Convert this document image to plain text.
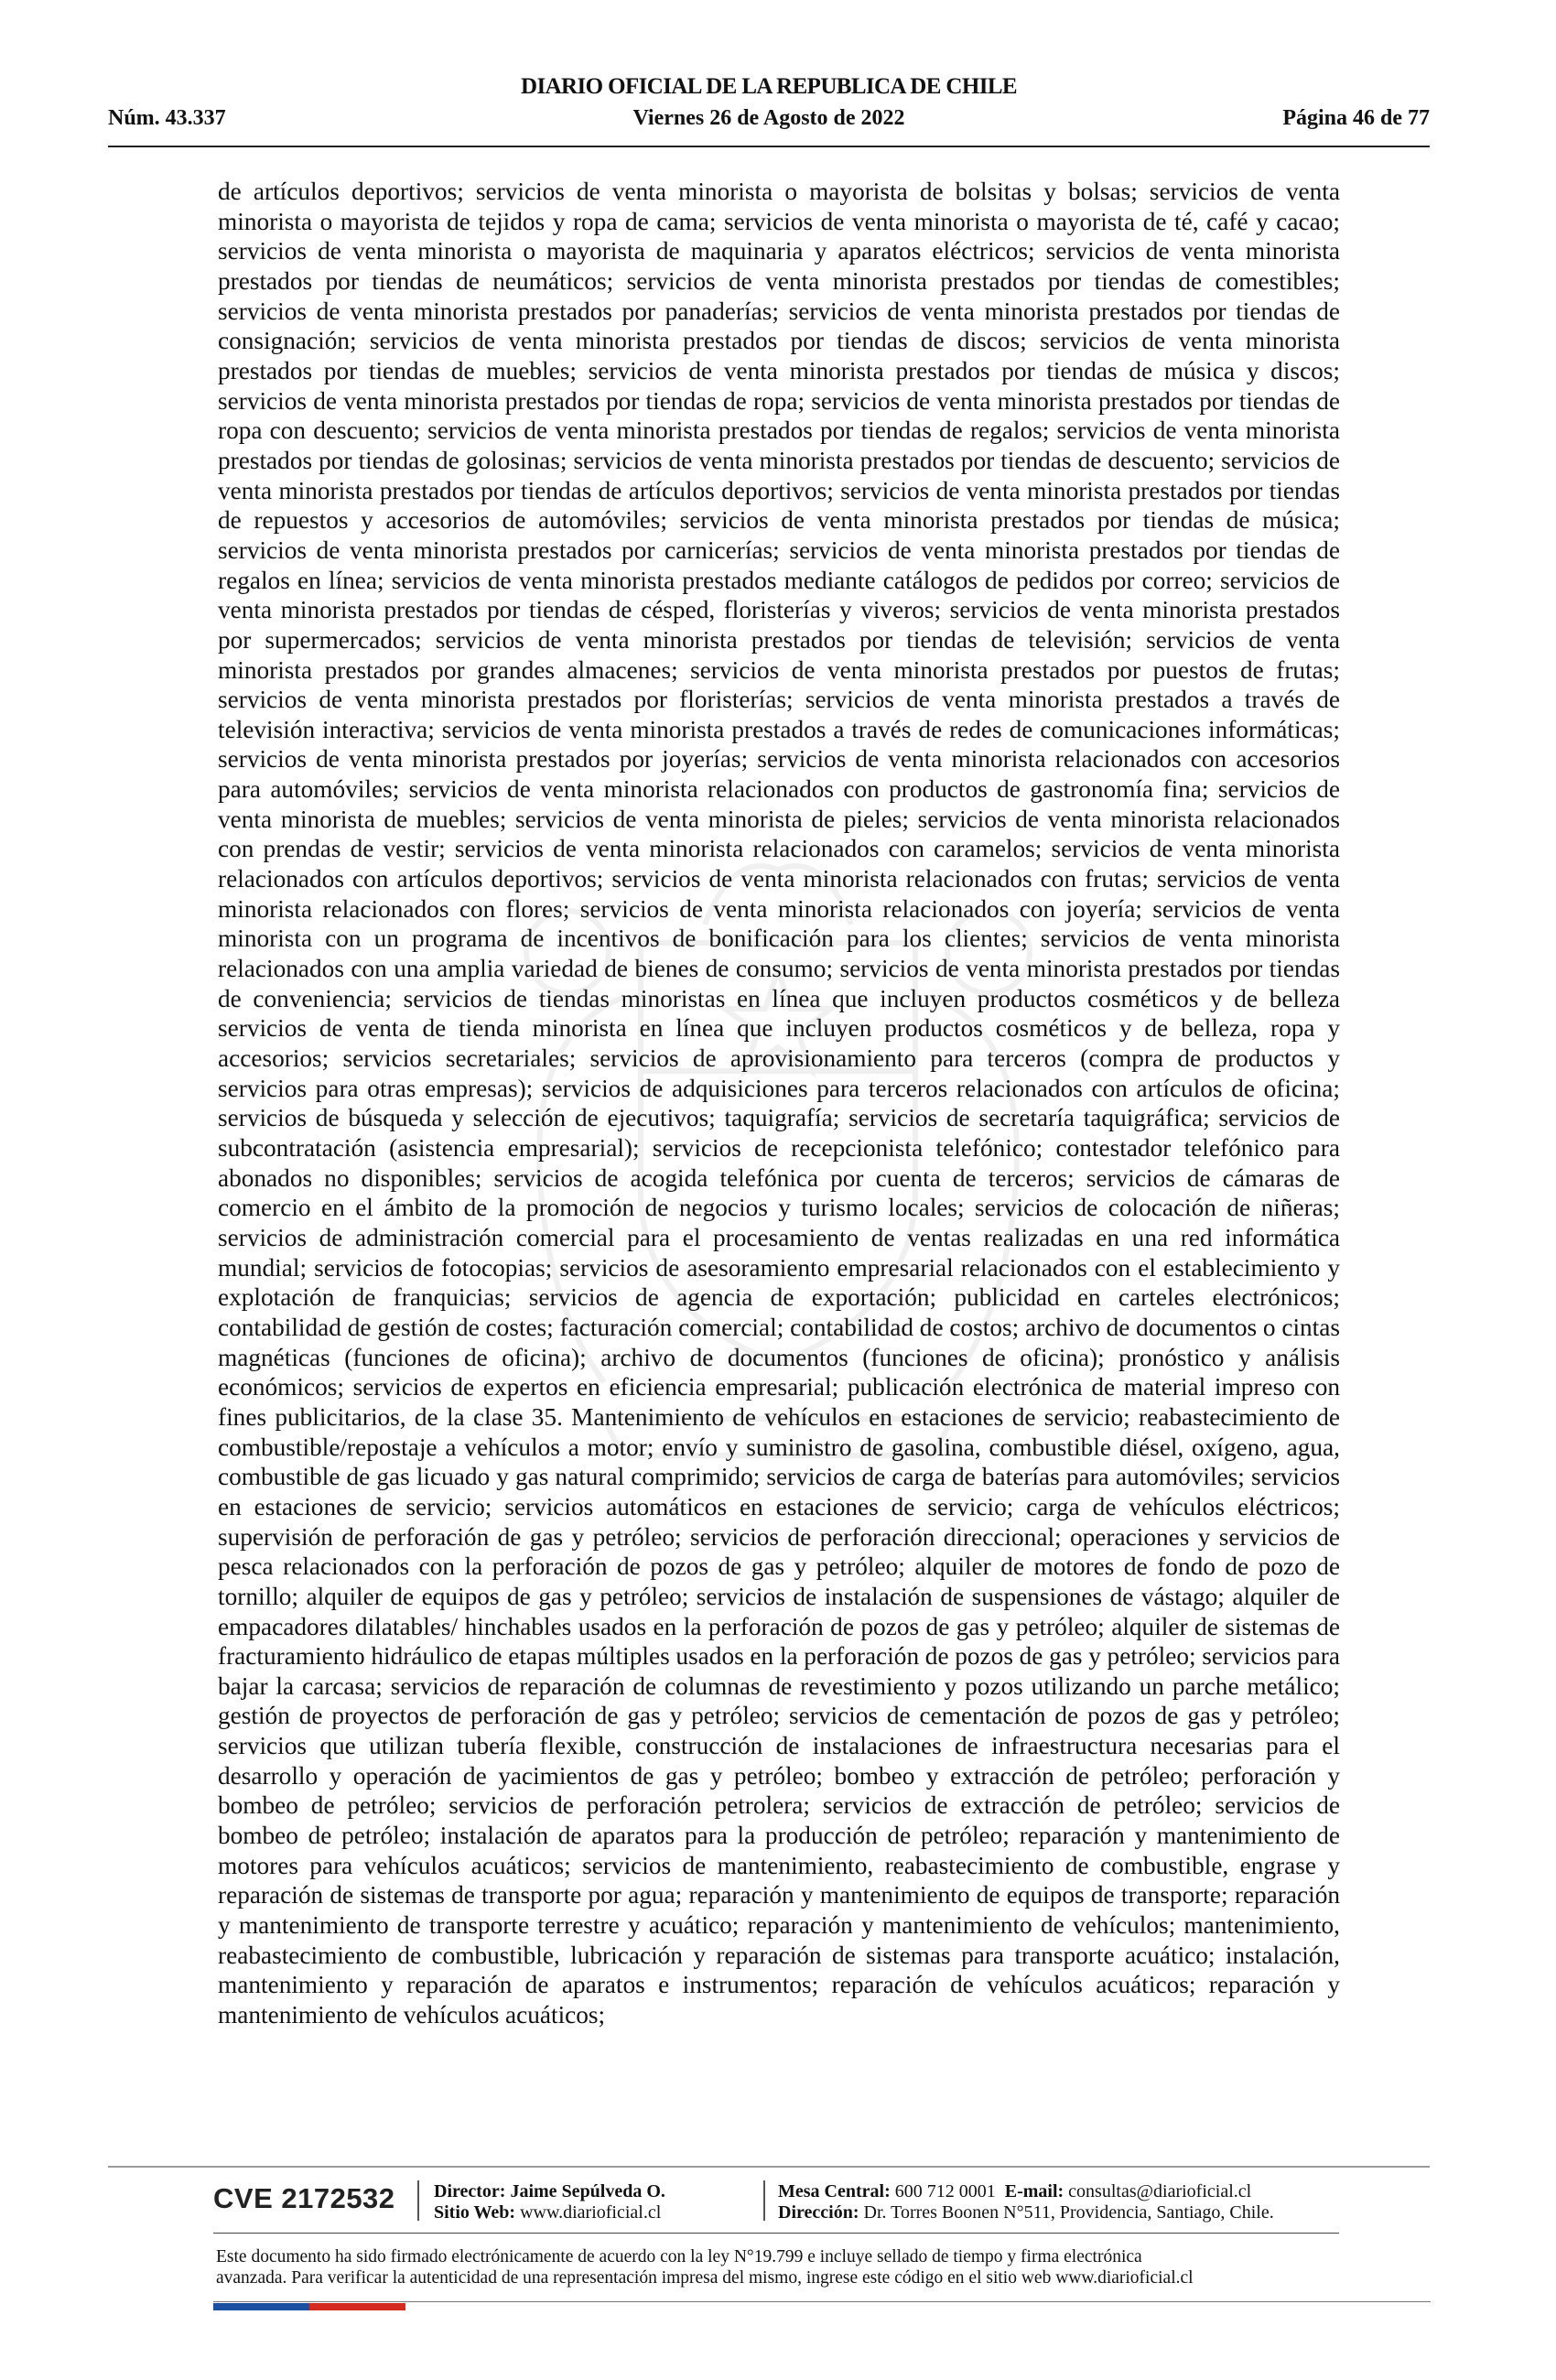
DIARIO OFICIAL DE LA REPUBLICA DE CHILE
Núm. 43.337	Viernes 26 de Agosto de 2022	Página 46 de 77
de artículos deportivos; servicios de venta minorista o mayorista de bolsitas y bolsas; servicios de venta minorista o mayorista de tejidos y ropa de cama; servicios de venta minorista o mayorista de té, café y cacao; servicios de venta minorista o mayorista de maquinaria y aparatos eléctricos; servicios de venta minorista prestados por tiendas de neumáticos; servicios de venta minorista prestados por tiendas de comestibles; servicios de venta minorista prestados por panaderías; servicios de venta minorista prestados por tiendas de consignación; servicios de venta minorista prestados por tiendas de discos; servicios de venta minorista prestados por tiendas de muebles; servicios de venta minorista prestados por tiendas de música y discos; servicios de venta minorista prestados por tiendas de ropa; servicios de venta minorista prestados por tiendas de ropa con descuento; servicios de venta minorista prestados por tiendas de regalos; servicios de venta minorista prestados por tiendas de golosinas; servicios de venta minorista prestados por tiendas de descuento; servicios de venta minorista prestados por tiendas de artículos deportivos; servicios de venta minorista prestados por tiendas de repuestos y accesorios de automóviles; servicios de venta minorista prestados por tiendas de música; servicios de venta minorista prestados por carnicerías; servicios de venta minorista prestados por tiendas de regalos en línea; servicios de venta minorista prestados mediante catálogos de pedidos por correo; servicios de venta minorista prestados por tiendas de césped, floristerías y viveros; servicios de venta minorista prestados por supermercados; servicios de venta minorista prestados por tiendas de televisión; servicios de venta minorista prestados por grandes almacenes; servicios de venta minorista prestados por puestos de frutas; servicios de venta minorista prestados por floristerías; servicios de venta minorista prestados a través de televisión interactiva; servicios de venta minorista prestados a través de redes de comunicaciones informáticas; servicios de venta minorista prestados por joyerías; servicios de venta minorista relacionados con accesorios para automóviles; servicios de venta minorista relacionados con productos de gastronomía fina; servicios de venta minorista de muebles; servicios de venta minorista de pieles; servicios de venta minorista relacionados con prendas de vestir; servicios de venta minorista relacionados con caramelos; servicios de venta minorista relacionados con artículos deportivos; servicios de venta minorista relacionados con frutas; servicios de venta minorista relacionados con flores; servicios de venta minorista relacionados con joyería; servicios de venta minorista con un programa de incentivos de bonificación para los clientes; servicios de venta minorista relacionados con una amplia variedad de bienes de consumo; servicios de venta minorista prestados por tiendas de conveniencia; servicios de tiendas minoristas en línea que incluyen productos cosméticos y de belleza servicios de venta de tienda minorista en línea que incluyen productos cosméticos y de belleza, ropa y accesorios; servicios secretariales; servicios de aprovisionamiento para terceros (compra de productos y servicios para otras empresas); servicios de adquisiciones para terceros relacionados con artículos de oficina; servicios de búsqueda y selección de ejecutivos; taquigrafía; servicios de secretaría taquigráfica; servicios de subcontratación (asistencia empresarial); servicios de recepcionista telefónico; contestador telefónico para abonados no disponibles; servicios de acogida telefónica por cuenta de terceros; servicios de cámaras de comercio en el ámbito de la promoción de negocios y turismo locales; servicios de colocación de niñeras; servicios de administración comercial para el procesamiento de ventas realizadas en una red informática mundial; servicios de fotocopias; servicios de asesoramiento empresarial relacionados con el establecimiento y explotación de franquicias; servicios de agencia de exportación; publicidad en carteles electrónicos; contabilidad de gestión de costes; facturación comercial; contabilidad de costos; archivo de documentos o cintas magnéticas (funciones de oficina); archivo de documentos (funciones de oficina); pronóstico y análisis económicos; servicios de expertos en eficiencia empresarial; publicación electrónica de material impreso con fines publicitarios, de la clase 35. Mantenimiento de vehículos en estaciones de servicio; reabastecimiento de combustible/repostaje a vehículos a motor; envío y suministro de gasolina, combustible diésel, oxígeno, agua, combustible de gas licuado y gas natural comprimido; servicios de carga de baterías para automóviles; servicios en estaciones de servicio; servicios automáticos en estaciones de servicio; carga de vehículos eléctricos; supervisión de perforación de gas y petróleo; servicios de perforación direccional; operaciones y servicios de pesca relacionados con la perforación de pozos de gas y petróleo; alquiler de motores de fondo de pozo de tornillo; alquiler de equipos de gas y petróleo; servicios de instalación de suspensiones de vástago; alquiler de empacadores dilatables/ hinchables usados en la perforación de pozos de gas y petróleo; alquiler de sistemas de fracturamiento hidráulico de etapas múltiples usados en la perforación de pozos de gas y petróleo; servicios para bajar la carcasa; servicios de reparación de columnas de revestimiento y pozos utilizando un parche metálico; gestión de proyectos de perforación de gas y petróleo; servicios de cementación de pozos de gas y petróleo; servicios que utilizan tubería flexible, construcción de instalaciones de infraestructura necesarias para el desarrollo y operación de yacimientos de gas y petróleo; bombeo y extracción de petróleo; perforación y bombeo de petróleo; servicios de perforación petrolera; servicios de extracción de petróleo; servicios de bombeo de petróleo; instalación de aparatos para la producción de petróleo; reparación y mantenimiento de motores para vehículos acuáticos; servicios de mantenimiento, reabastecimiento de combustible, engrase y reparación de sistemas de transporte por agua; reparación y mantenimiento de equipos de transporte; reparación y mantenimiento de transporte terrestre y acuático; reparación y mantenimiento de vehículos; mantenimiento, reabastecimiento de combustible, lubricación y reparación de sistemas para transporte acuático; instalación, mantenimiento y reparación de aparatos e instrumentos; reparación de vehículos acuáticos; reparación y mantenimiento de vehículos acuáticos;
CVE 2172532 Director: Jaime Sepúlveda O.
Sitio Web: www.diarioficial.cl
Mesa Central: 600 712 0001 E-mail: consultas@diarioficial.cl
Dirección: Dr. Torres Boonen N°511, Providencia, Santiago, Chile.
Este documento ha sido firmado electrónicamente de acuerdo con la ley N°19.799 e incluye sellado de tiempo y firma electrónica
avanzada. Para verificar la autenticidad de una representación impresa del mismo, ingrese este código en el sitio web www.diarioficial.cl
